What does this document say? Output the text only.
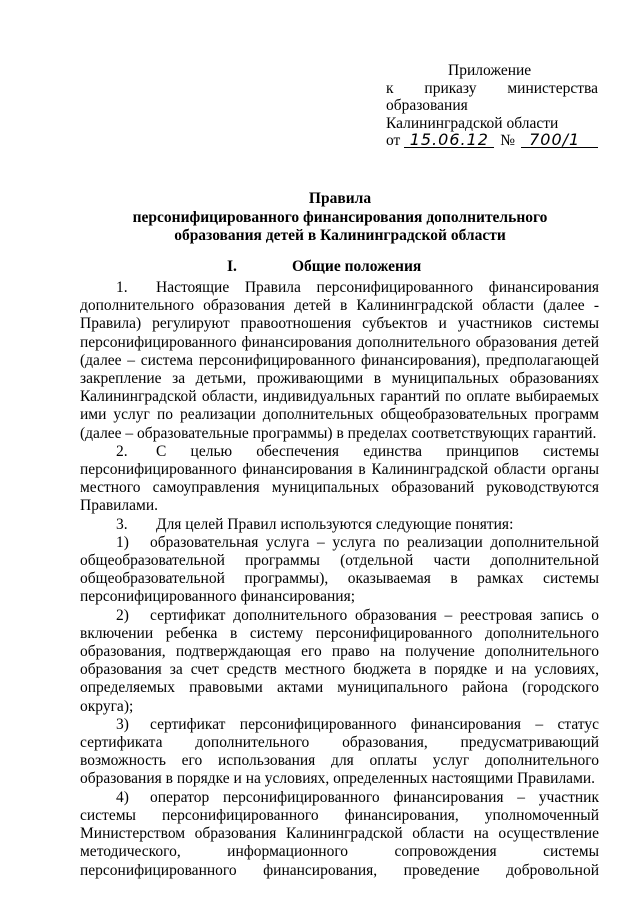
Приложение
к приказу министерства
образования
Калининградской области
от 15.06.12 № 700/1
Правила
персонифицированного финансирования дополнительного
образования детей в Калининградской области
I.	Общие положения

1. Настоящие Правила персонифицированного финансирования дополнительного образования детей в Калининградской области (далее - Правила) регулируют правоотношения субъектов и участников системы персонифицированного финансирования дополнительного образования детей (далее – система персонифицированного финансирования), предполагающей закрепление за детьми, проживающими в муниципальных образованиях Калининградской области, индивидуальных гарантий по оплате выбираемых ими услуг по реализации дополнительных общеобразовательных программ (далее – образовательные программы) в пределах соответствующих гарантий.

2. С целью обеспечения единства принципов системы персонифицированного финансирования в Калининградской области органы местного самоуправления муниципальных образований руководствуются Правилами.

3. Для целей Правил используются следующие понятия:

1) образовательная услуга – услуга по реализации дополнительной общеобразовательной программы (отдельной части дополнительной общеобразовательной программы), оказываемая в рамках системы персонифицированного финансирования;

2) сертификат дополнительного образования – реестровая запись о включении ребенка в систему персонифицированного дополнительного образования, подтверждающая его право на получение дополнительного образования за счет средств местного бюджета в порядке и на условиях, определяемых правовыми актами муниципального района (городского округа);

3) сертификат персонифицированного финансирования – статус сертификата дополнительного образования, предусматривающий возможность его использования для оплаты услуг дополнительного образования в порядке и на условиях, определенных настоящими Правилами.

4) оператор персонифицированного финансирования – участник системы персонифицированного финансирования, уполномоченный Министерством образования Калининградской области на осуществление методического, информационного сопровождения системы персонифицированного финансирования, проведение добровольной
